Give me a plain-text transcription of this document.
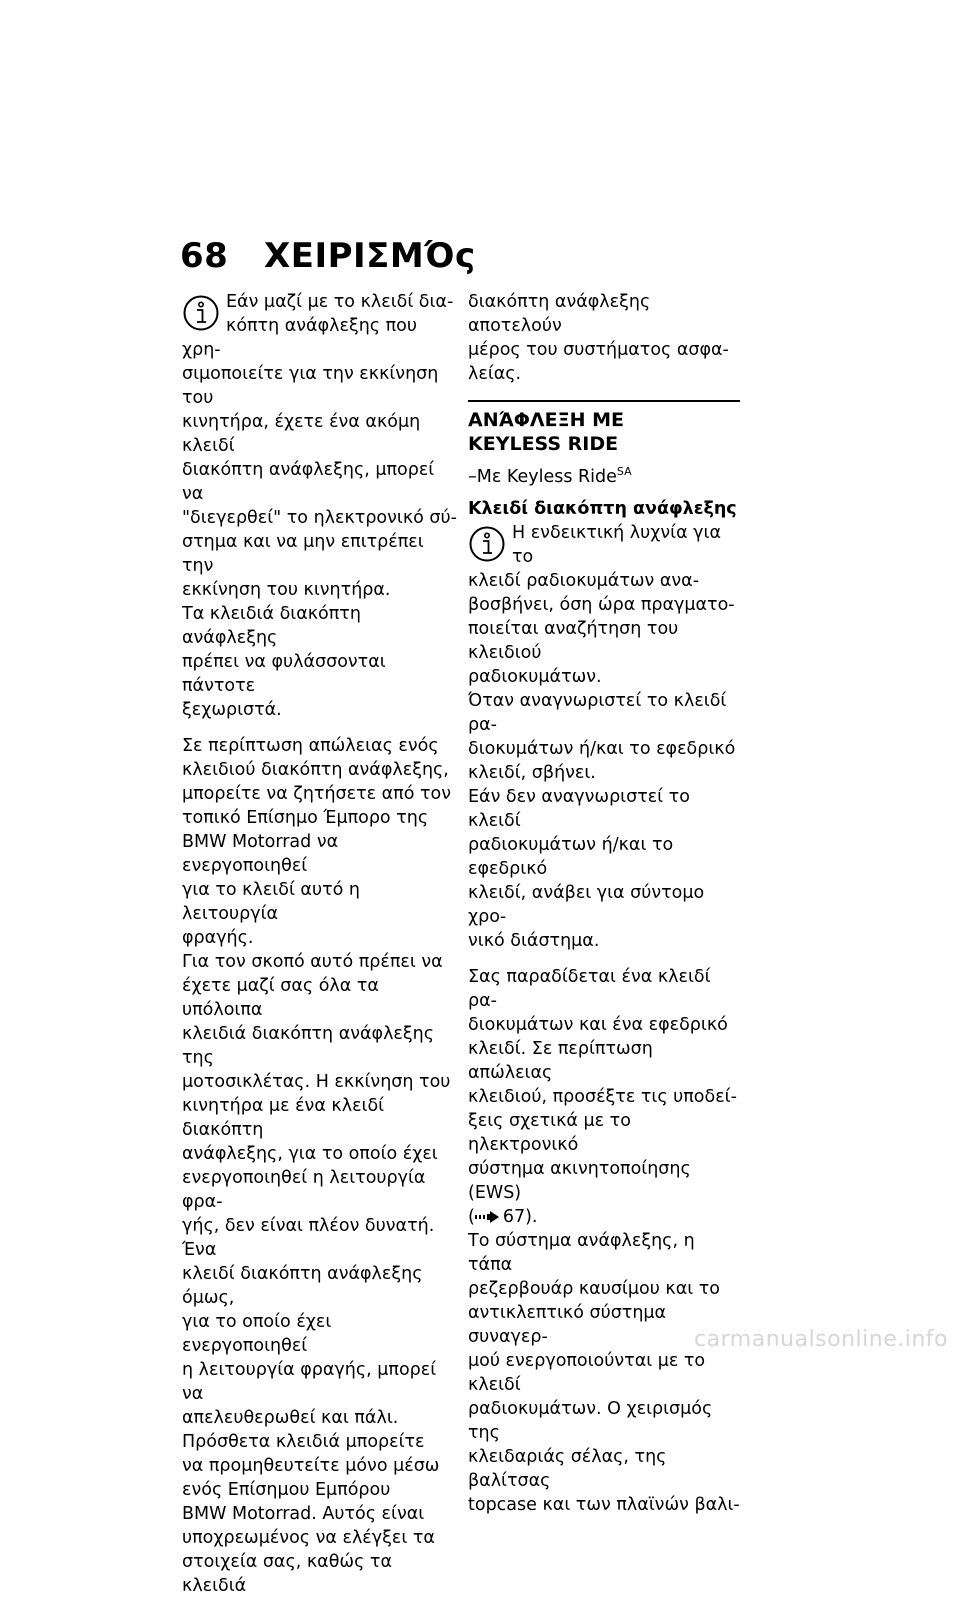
68 ΧΕΙΡΙΣΜΌς

Εάν μαζί με το κλειδί δια-

κόπτη ανάφλεξης που χρη-

σιμοποιείτε για την εκκίνηση του

κινητήρα, έχετε ένα ακόμη κλειδί

διακόπτη ανάφλεξης, μπορεί να

"διεγερθεί" το ηλεκτρονικό σύ-

στημα και να μην επιτρέπει την

εκκίνηση του κινητήρα.

Τα κλειδιά διακόπτη ανάφλεξης

πρέπει να φυλάσσονται πάντοτε

ξεχωριστά.

Σε περίπτωση απώλειας ενός

κλειδιού διακόπτη ανάφλεξης,

μπορείτε να ζητήσετε από τον

τοπικό Επίσημο Έμπορο της

BMW Motorrad να ενεργοποιηθεί

για το κλειδί αυτό η λειτουργία

φραγής.

Για τον σκοπό αυτό πρέπει να

έχετε μαζί σας όλα τα υπόλοιπα

κλειδιά διακόπτη ανάφλεξης της

μοτοσικλέτας. Η εκκίνηση του

κινητήρα με ένα κλειδί διακόπτη

ανάφλεξης, για το οποίο έχει

ενεργοποιηθεί η λειτουργία φρα-

γής, δεν είναι πλέον δυνατή. Ένα

κλειδί διακόπτη ανάφλεξης όμως,

για το οποίο έχει ενεργοποιηθεί

η λειτουργία φραγής, μπορεί να

απελευθερωθεί και πάλι.

Πρόσθετα κλειδιά μπορείτε

να προμηθευτείτε μόνο μέσω

ενός Επίσημου Εμπόρου

BMW Motorrad. Αυτός είναι

υποχρεωμένος να ελέγξει τα

στοιχεία σας, καθώς τα κλειδιά

διακόπτη ανάφλεξης αποτελούν

μέρος του συστήματος ασφα-

λείας.

ΑΝΆΦΛΕΞΗ ΜΕ

KEYLESS RIDE

–Με Keyless Ride$^{SA}$
Κλειδί διακόπτη ανάφλεξης

Η ενδεικτική λυχνία για το

κλειδί ραδιοκυμάτων ανα-

βοσβήνει, όση ώρα πραγματο-

ποιείται αναζήτηση του κλειδιού

ραδιοκυμάτων.

Όταν αναγνωριστεί το κλειδί ρα-

διοκυμάτων ή/και το εφεδρικό

κλειδί, σβήνει.

Εάν δεν αναγνωριστεί το κλειδί

ραδιοκυμάτων ή/και το εφεδρικό

κλειδί, ανάβει για σύντομο χρο-

νικό διάστημα.

Σας παραδίδεται ένα κλειδί ρα-

διοκυμάτων και ένα εφεδρικό

κλειδί. Σε περίπτωση απώλειας

κλειδιού, προσέξτε τις υποδεί-

ξεις σχετικά με το ηλεκτρονικό

σύστημα ακινητοποίησης (EWS)

( 67).

Το σύστημα ανάφλεξης, η τάπα

ρεζερβουάρ καυσίμου και το

αντικλεπτικό σύστημα συναγερ-

μού ενεργοποιούνται με το κλειδί

ραδιοκυμάτων. Ο χειρισμός της

κλειδαριάς σέλας, της βαλίτσας

topcase και των πλαϊνών βαλι-

carmanualsonline.info
